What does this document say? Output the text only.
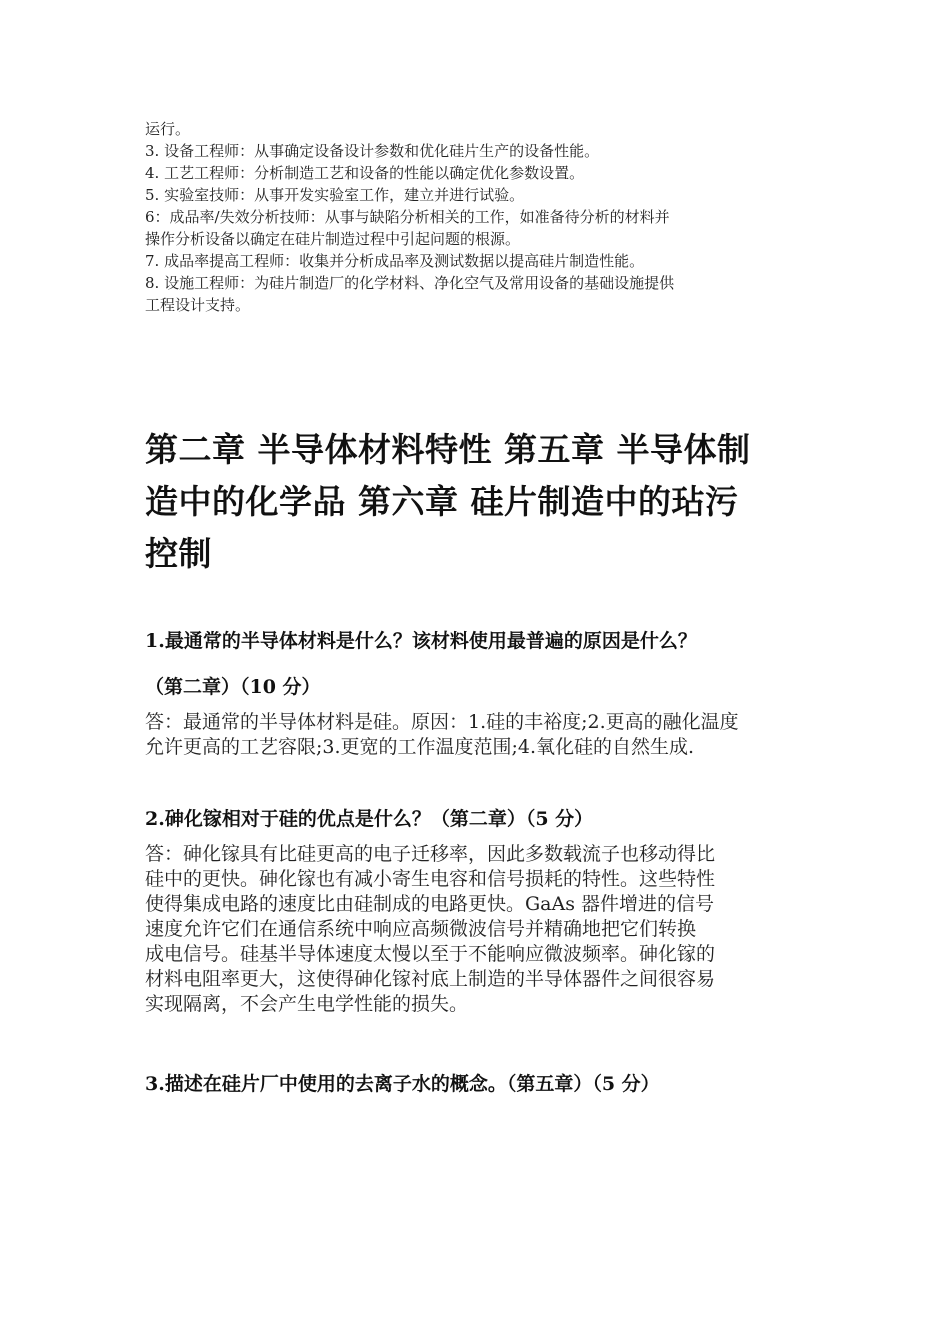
运行。
3. 设备工程师：从事确定设备设计参数和优化硅片生产的设备性能。
4. 工艺工程师：分析制造工艺和设备的性能以确定优化参数设置。
5. 实验室技师：从事开发实验室工作，建立并进行试验。
6：成品率/失效分析技师：从事与缺陷分析相关的工作，如准备待分析的材料并
操作分析设备以确定在硅片制造过程中引起问题的根源。
7. 成品率提高工程师：收集并分析成品率及测试数据以提高硅片制造性能。
8. 设施工程师：为硅片制造厂的化学材料、净化空气及常用设备的基础设施提供
工程设计支持。
第二章 半导体材料特性 第五章 半导体制
造中的化学品 第六章 硅片制造中的玷污
控制
1.最通常的半导体材料是什么？该材料使用最普遍的原因是什么？
（第二章）（10 分）
答：最通常的半导体材料是硅。原因：1.硅的丰裕度;2.更高的融化温度
允许更高的工艺容限;3.更宽的工作温度范围;4.氧化硅的自然生成.
2.砷化镓相对于硅的优点是什么？（第二章）（5 分）
答：砷化镓具有比硅更高的电子迁移率，因此多数载流子也移动得比
硅中的更快。砷化镓也有减小寄生电容和信号损耗的特性。这些特性
使得集成电路的速度比由硅制成的电路更快。GaAs 器件增进的信号
速度允许它们在通信系统中响应高频微波信号并精确地把它们转换
成电信号。硅基半导体速度太慢以至于不能响应微波频率。砷化镓的
材料电阻率更大，这使得砷化镓衬底上制造的半导体器件之间很容易
实现隔离，不会产生电学性能的损失。
3.描述在硅片厂中使用的去离子水的概念。（第五章）（5 分）
